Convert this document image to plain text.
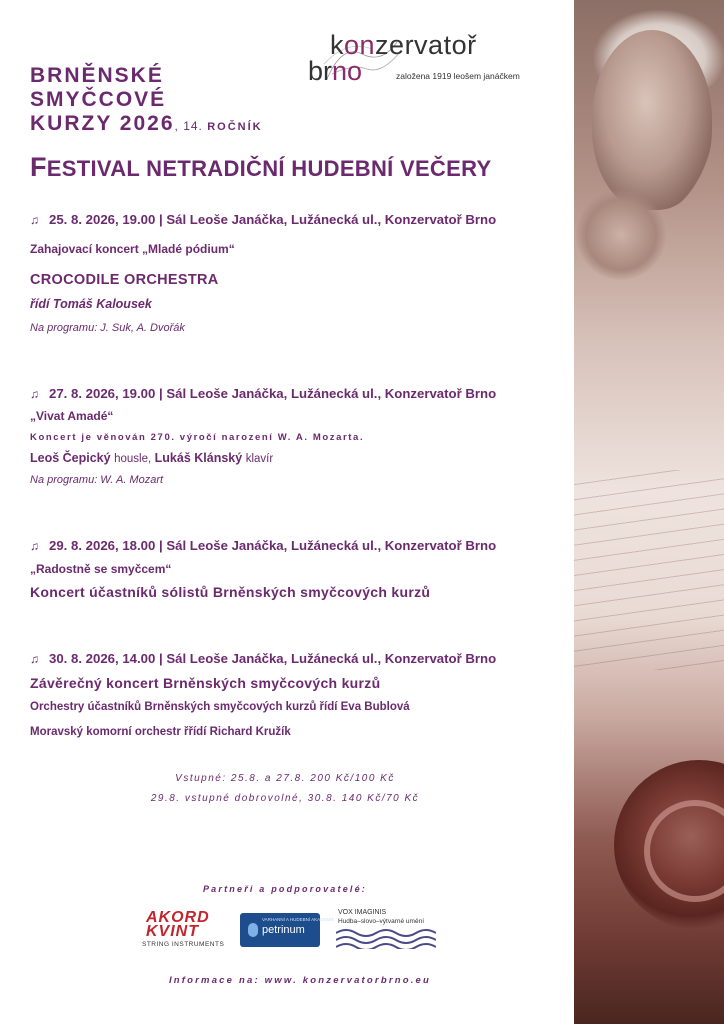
konzervatoř
brno	založena 1919 leošem janáčkem
BRNĚNSKÉ
SMYČCOVÉ
KURZY 2026, 14. ROČNÍK
FESTIVAL NETRADIČNÍ HUDEBNÍ VEČERY
♫ 25. 8. 2026, 19.00 | Sál Leoše Janáčka, Lužánecká ul., Konzervatoř Brno
Zahajovací koncert „Mladé pódium“
CROCODILE ORCHESTRA
řídí Tomáš Kalousek
Na programu: J. Suk, A. Dvořák
♫ 27. 8. 2026, 19.00 | Sál Leoše Janáčka, Lužánecká ul., Konzervatoř Brno
„Vivat Amadé“
Koncert je věnován 270. výročí narození W. A. Mozarta.
Leoš Čepický housle, Lukáš Klánský klavír
Na programu: W. A. Mozart
♫ 29. 8. 2026, 18.00 | Sál Leoše Janáčka, Lužánecká ul., Konzervatoř Brno
„Radostně se smyčcem“
Koncert účastníků sólistů Brněnských smyčcových kurzů
♫ 30. 8. 2026, 14.00 | Sál Leoše Janáčka, Lužánecká ul., Konzervatoř Brno
Závěrečný koncert Brněnských smyčcových kurzů
Orchestry účastníků Brněnských smyčcových kurzů řídí Eva Bublová
Moravský komorní orchestr řřídí Richard Kružík
Vstupné: 25.8. a 27.8. 200 Kč/100 Kč
29.8. vstupné dobrovolné, 30.8. 140 Kč/70 Kč
Partneři a podporovatelé:
AKORD
KVINT
STRING INSTRUMENTS
VARHANNÍ A HUDEBNÍ AKADEMIE
petrinum
VOX IMAGINIS
Hudba–slovo–výtvarné umění
Informace na: www. konzervatorbrno.eu
